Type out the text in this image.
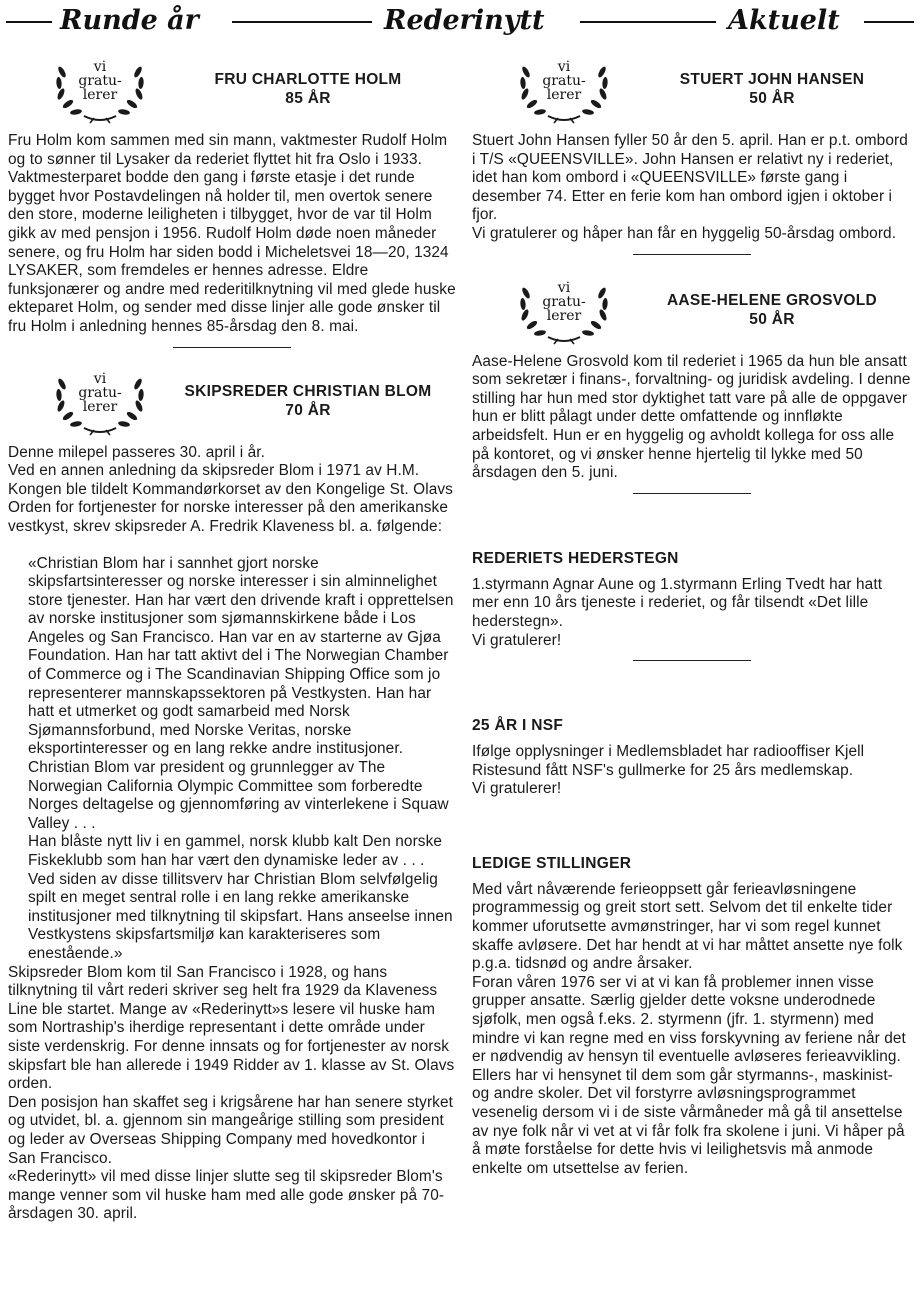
Runde år	Rederinytt	Aktuelt
vi
gratu-
lerer
FRU CHARLOTTE HOLM
85 ÅR

Fru Holm kom sammen med sin mann, vaktmester Rudolf Holm og to sønner til Lysaker da rederiet flyttet hit fra Oslo i 1933. Vaktmesterparet bodde den gang i første etasje i det runde bygget hvor Postavdelingen nå holder til, men overtok senere den store, moderne leiligheten i tilbygget, hvor de var til Holm gikk av med pensjon i 1956. Rudolf Holm døde noen måneder senere, og fru Holm har siden bodd i Micheletsvei 18—20, 1324 LYSAKER, som fremdeles er hennes adresse. Eldre funksjonærer og andre med rederitilknytning vil med glede huske ekteparet Holm, og sender med disse linjer alle gode ønsker til fru Holm i anledning hennes 85-årsdag den 8. mai.

vi
gratu-
lerer
SKIPSREDER CHRISTIAN BLOM
70 ÅR

Denne milepel passeres 30. april i år.
Ved en annen anledning da skipsreder Blom i 1971 av H.M. Kongen ble tildelt Kommandørkorset av den Kongelige St. Olavs Orden for fortjenester for norske interesser på den amerikanske vestkyst, skrev skipsreder A. Fredrik Klaveness bl. a. følgende:

«Christian Blom har i sannhet gjort norske skipsfartsinteresser og norske interesser i sin alminnelighet store tjenester. Han har vært den drivende kraft i opprettelsen av norske institusjoner som sjømannskirkene både i Los Angeles og San Francisco. Han var en av starterne av Gjøa Foundation. Han har tatt aktivt del i The Norwegian Chamber of Commerce og i The Scandinavian Shipping Office som jo representerer mannskapssektoren på Vestkysten. Han har hatt et utmerket og godt samarbeid med Norsk Sjømannsforbund, med Norske Veritas, norske eksportinteresser og en lang rekke andre institusjoner.
Christian Blom var president og grunnlegger av The Norwegian California Olympic Committee som forberedte Norges deltagelse og gjennomføring av vinterlekene i Squaw Valley . . .
Han blåste nytt liv i en gammel, norsk klubb kalt Den norske Fiskeklubb som han har vært den dynamiske leder av . . .
Ved siden av disse tillitsverv har Christian Blom selvfølgelig spilt en meget sentral rolle i en lang rekke amerikanske institusjoner med tilknytning til skipsfart. Hans anseelse innen Vestkystens skipsfartsmiljø kan karakteriseres som enestående.»

Skipsreder Blom kom til San Francisco i 1928, og hans tilknytning til vårt rederi skriver seg helt fra 1929 da Klaveness Line ble startet. Mange av «Rederinytt»s lesere vil huske ham som Nortraship's iherdige representant i dette område under siste verdenskrig. For denne innsats og for fortjenester av norsk skipsfart ble han allerede i 1949 Ridder av 1. klasse av St. Olavs orden.
Den posisjon han skaffet seg i krigsårene har han senere styrket og utvidet, bl. a. gjennom sin mangeårige stilling som president og leder av Overseas Shipping Company med hovedkontor i San Francisco.
«Rederinytt» vil med disse linjer slutte seg til skipsreder Blom's mange venner som vil huske ham med alle gode ønsker på 70-årsdagen 30. april.

vi
gratu-
lerer
STUERT JOHN HANSEN
50 ÅR

Stuert John Hansen fyller 50 år den 5. april. Han er p.t. ombord i T/S «QUEENSVILLE». John Hansen er relativt ny i rederiet, idet han kom ombord i «QUEENSVILLE» første gang i desember 74. Etter en ferie kom han ombord igjen i oktober i fjor.
Vi gratulerer og håper han får en hyggelig 50-årsdag ombord.

vi
gratu-
lerer
AASE-HELENE GROSVOLD
50 ÅR

Aase-Helene Grosvold kom til rederiet i 1965 da hun ble ansatt som sekretær i finans-, forvaltning- og juridisk avdeling. I denne stilling har hun med stor dyktighet tatt vare på alle de oppgaver hun er blitt pålagt under dette omfattende og innfløkte arbeidsfelt. Hun er en hyggelig og avholdt kollega for oss alle på kontoret, og vi ønsker henne hjertelig til lykke med 50 årsdagen den 5. juni.

REDERIETS HEDERSTEGN

1.styrmann Agnar Aune og 1.styrmann Erling Tvedt har hatt mer enn 10 års tjeneste i rederiet, og får tilsendt «Det lille hederstegn».
Vi gratulerer!

25 ÅR I NSF

Ifølge opplysninger i Medlemsbladet har radiooffiser Kjell Ristesund fått NSF's gullmerke for 25 års medlemskap.
Vi gratulerer!

LEDIGE STILLINGER

Med vårt nåværende ferieoppsett går ferieavløsningene programmessig og greit stort sett. Selvom det til enkelte tider kommer uforutsette avmønstringer, har vi som regel kunnet skaffe avløsere. Det har hendt at vi har måttet ansette nye folk p.g.a. tidsnød og andre årsaker.
Foran våren 1976 ser vi at vi kan få problemer innen visse grupper ansatte. Særlig gjelder dette voksne underodnede sjøfolk, men også f.eks. 2. styrmenn (jfr. 1. styrmenn) med mindre vi kan regne med en viss forskyvning av feriene når det er nødvendig av hensyn til eventuelle avløseres ferieavvikling.
Ellers har vi hensynet til dem som går styrmanns-, maskinist- og andre skoler. Det vil forstyrre avløsningsprogrammet vesenelig dersom vi i de siste vårmåneder må gå til ansettelse av nye folk når vi vet at vi får folk fra skolene i juni. Vi håper på å møte forståelse for dette hvis vi leilighetsvis må anmode enkelte om utsettelse av ferien.
